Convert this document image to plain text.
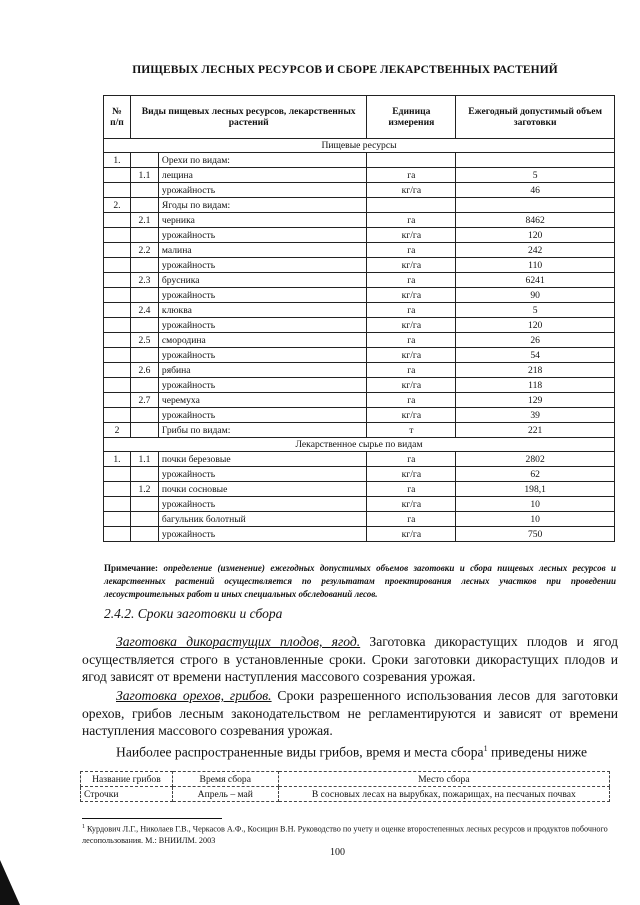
ПИЩЕВЫХ ЛЕСНЫХ РЕСУРСОВ И СБОРЕ ЛЕКАРСТВЕННЫХ РАСТЕНИЙ
№ п/п	Виды пищевых лесных ресурсов, лекарственных растений		Единица измерения	Ежегодный допустимый объем заготовки
Пищевые ресурсы				
1.		Орехи по видам:		
	1.1	лещина	га	5
		урожайность	кг/га	46
2.		Ягоды по видам:		
	2.1	черника	га	8462
		урожайность	кг/га	120
	2.2	малина	га	242
		урожайность	кг/га	110
	2.3	брусника	га	6241
		урожайность	кг/га	90
	2.4	клюква	га	5
		урожайность	кг/га	120
	2.5	смородина	га	26
		урожайность	кг/га	54
	2.6	рябина	га	218
		урожайность	кг/га	118
	2.7	черемуха	га	129
		урожайность	кг/га	39
2		Грибы по видам:	т	221
Лекарственное сырье по видам				
1.	1.1	почки березовые	га	2802
		урожайность	кг/га	62
	1.2	почки сосновые	га	198,1
		урожайность	кг/га	10
		багульник болотный	га	10
		урожайность	кг/га	750
Примечание: определение (изменение) ежегодных допустимых объемов заготовки и сбора пищевых лесных ресурсов и лекарственных растений осуществляется по результатам проектирования лесных участков при проведении лесоустроительных работ и иных специальных обследований лесов.
2.4.2. Сроки заготовки и сбора
Заготовка дикорастущих плодов, ягод. Заготовка дикорастущих плодов и ягод осуществляется строго в установленные сроки. Сроки заготовки дикорастущих плодов и ягод зависят от времени наступления массового созревания урожая.
Заготовка орехов, грибов. Сроки разрешенного использования лесов для заготовки орехов, грибов лесным законодательством не регламентируются и зависят от времени наступления массового созревания урожая.
Наиболее распространенные виды грибов, время и места сбора$^1$ приведены ниже
Название грибов	Время сбора	Место сбора
Строчки	Апрель – май	В сосновых лесах на вырубках, пожарищах, на песчаных почвах
$^1$ Курдович Л.Г., Николаев Г.В., Черкасов А.Ф., Косицин В.Н. Руководство по учету и оценке второстепенных лесных ресурсов и продуктов побочного лесопользования. М.: ВНИИЛМ. 2003
100
